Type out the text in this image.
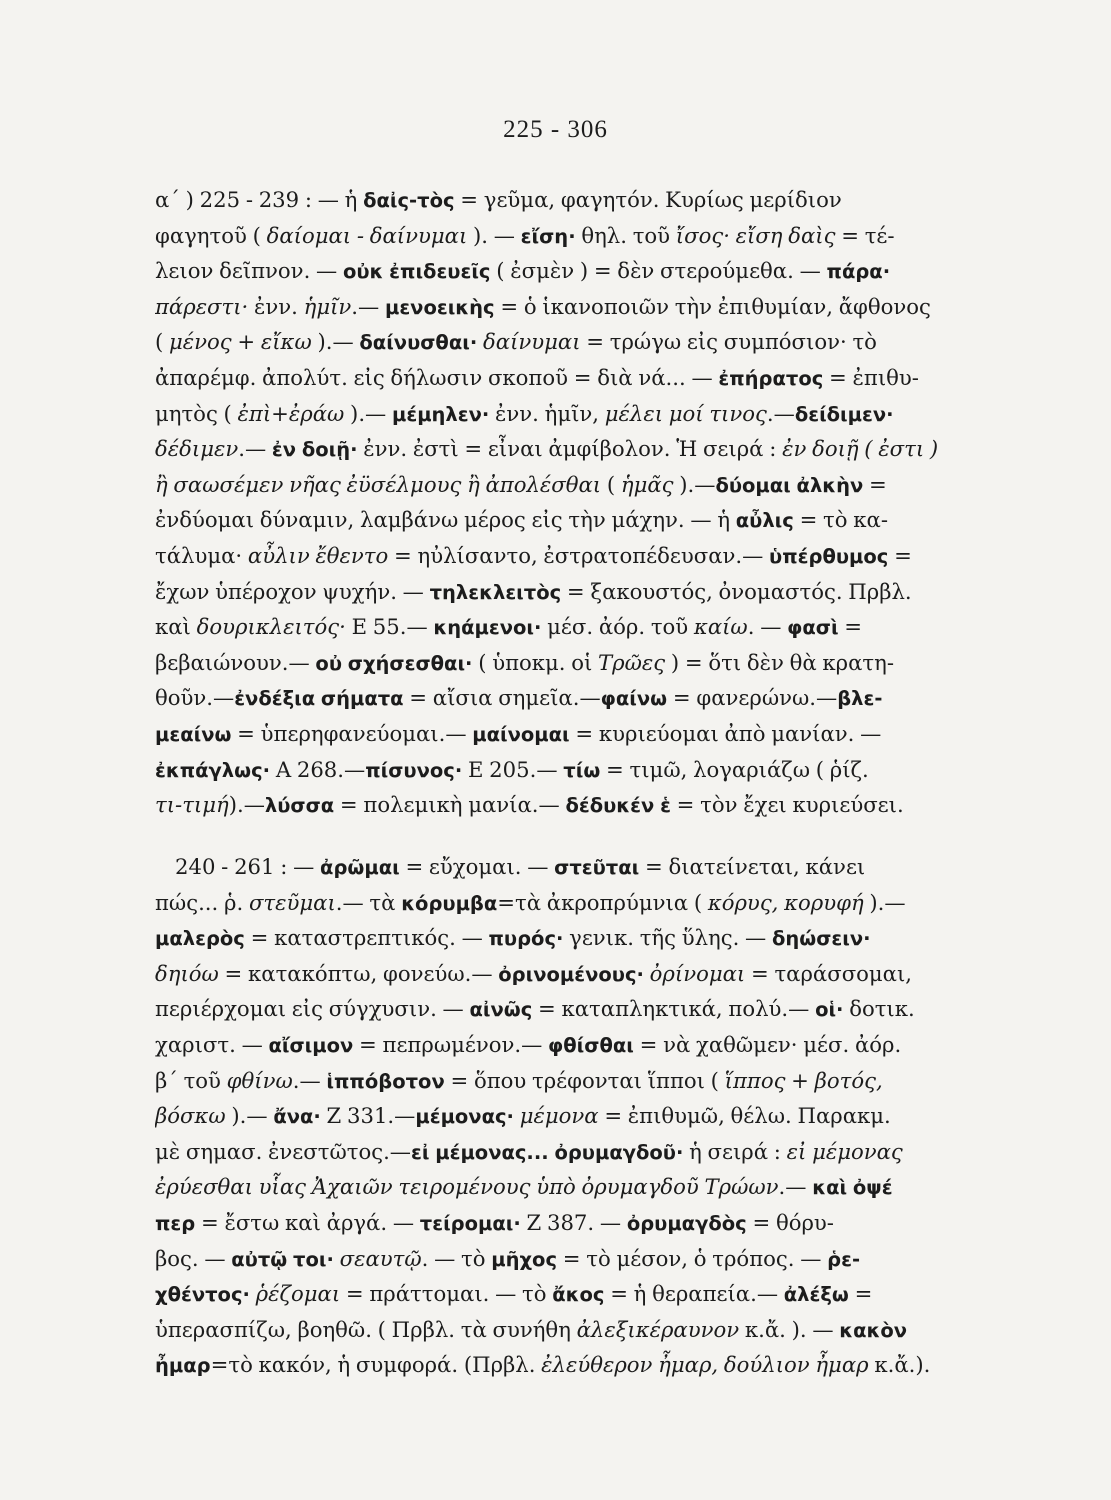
225 - 306
α΄ ) 225 - 239 : — ἡ δαἰς-τὸς = γεῦμα, φαγητόν. Κυρίως μερίδιον
φαγητοῦ ( δαίομαι - δαίνυμαι ). — εἴση· θηλ. τοῦ ἴσος· εἴση δαὶς = τέ-
λειον δεῖπνον. — οὐκ ἐπιδευεῖς ( ἐσμὲν ) = δὲν στερούμεθα. — πάρα·
πάρεστι· ἐνν. ἡμῖν.— μενοεικὴς = ὁ ἱκανοποιῶν τὴν ἐπιθυμίαν, ἄφθονος
( μένος + εἴκω ).— δαίνυσθαι· δαίνυμαι = τρώγω εἰς συμπόσιον· τὸ
ἀπαρέμφ. ἀπολύτ. εἰς δήλωσιν σκοποῦ = διὰ νά... — ἐπήρατος = ἐπιθυ-
μητὸς ( ἐπὶ+ἐράω ).— μέμηλεν· ἐνν. ἡμῖν, μέλει μοί τινος.—δείδιμεν·
δέδιμεν.— ἐν δοιῇ· ἐνν. ἐστὶ = εἶναι ἀμφίβολον. Ἡ σειρά : ἐν δοιῇ ( ἐστι )
ἢ σαωσέμεν νῆας ἐϋσέλμους ἢ ἀπολέσθαι ( ἡμᾶς ).—δύομαι ἀλκὴν =
ἐνδύομαι δύναμιν, λαμβάνω μέρος εἰς τὴν μάχην. — ἡ αὖλις = τὸ κα-
τάλυμα· αὖλιν ἔθεντο = ηὐλίσαντο, ἐστρατοπέδευσαν.— ὑπέρθυμος =
ἔχων ὑπέροχον ψυχήν. — τηλεκλειτὸς = ξακουστός, ὀνομαστός. Πρβλ.
καὶ δουρικλειτός· Ε 55.— κηάμενοι· μέσ. ἀόρ. τοῦ καίω. — φασὶ =
βεβαιώνουν.— οὐ σχήσεσθαι· ( ὑποκμ. οἱ Τρῶες ) = ὅτι δὲν θὰ κρατη-
θοῦν.—ἐνδέξια σήματα = αἴσια σημεῖα.—φαίνω = φανερώνω.—βλε-
μεαίνω = ὑπερηφανεύομαι.— μαίνομαι = κυριεύομαι ἀπὸ μανίαν. —
ἐκπάγλως· Α 268.—πίσυνος· Ε 205.— τίω = τιμῶ, λογαριάζω ( ῥίζ.
τι-τιμή).—λύσσα = πολεμικὴ μανία.— δέδυκέν ἑ = τὸν ἔχει κυριεύσει.
240 - 261 : — ἀρῶμαι = εὔχομαι. — στεῦται = διατείνεται, κάνει
πώς... ῥ. στεῦμαι.— τὰ κόρυμβα=τὰ ἀκροπρύμνια ( κόρυς, κορυφή ).—
μαλερὸς = καταστρεπτικός. — πυρός· γενικ. τῆς ὕλης. — δηώσειν·
δηιόω = κατακόπτω, φονεύω.— ὀρινομένους· ὀρίνομαι = ταράσσομαι,
περιέρχομαι εἰς σύγχυσιν. — αἰνῶς = καταπληκτικά, πολύ.— οἱ· δοτικ.
χαριστ. — αἴσιμον = πεπρωμένον.— φθίσθαι = νὰ χαθῶμεν· μέσ. ἀόρ.
β΄ τοῦ φθίνω.— ἱππόβοτον = ὅπου τρέφονται ἵπποι ( ἵππος + βοτός,
βόσκω ).— ἄνα· Ζ 331.—μέμονας· μέμονα = ἐπιθυμῶ, θέλω. Παρακμ.
μὲ σημασ. ἐνεστῶτος.—εἰ μέμονας... ὀρυμαγδοῦ· ἡ σειρά : εἰ μέμονας
ἐρύεσθαι υἷας Ἀχαιῶν τειρομένους ὑπὸ ὀρυμαγδοῦ Τρώων.— καὶ ὀψέ
περ = ἔστω καὶ ἀργά. — τείρομαι· Ζ 387. — ὀρυμαγδὸς = θόρυ-
βος. — αὐτῷ τοι· σεαυτῷ. — τὸ μῆχος = τὸ μέσον, ὁ τρόπος. — ῥε-
χθέντος· ῥέζομαι = πράττομαι. — τὸ ἄκος = ἡ θεραπεία.— ἀλέξω =
ὑπερασπίζω, βοηθῶ. ( Πρβλ. τὰ συνήθη ἀλεξικέραυνον κ.ἄ. ). — κακὸν
ἦμαρ=τὸ κακόν, ἡ συμφορά. (Πρβλ. ἐλεύθερον ἦμαρ, δούλιον ἦμαρ κ.ἄ.).
